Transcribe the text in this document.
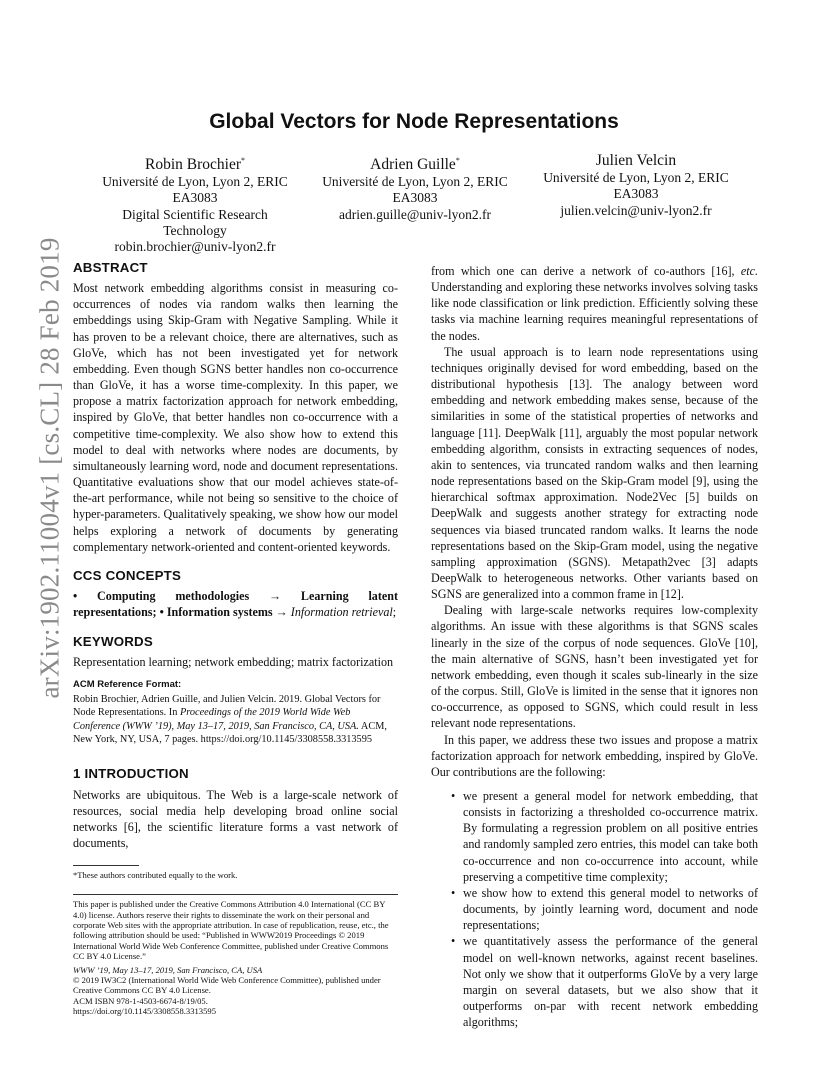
arXiv:1902.11004v1 [cs.CL] 28 Feb 2019
Global Vectors for Node Representations
Robin Brochier*
Université de Lyon, Lyon 2, ERIC
EA3083
Digital Scientific Research
Technology
robin.brochier@univ-lyon2.fr
Adrien Guille*
Université de Lyon, Lyon 2, ERIC
EA3083
adrien.guille@univ-lyon2.fr
Julien Velcin
Université de Lyon, Lyon 2, ERIC
EA3083
julien.velcin@univ-lyon2.fr
ABSTRACT

Most network embedding algorithms consist in measuring co-occurrences of nodes via random walks then learning the embeddings using Skip-Gram with Negative Sampling. While it has proven to be a relevant choice, there are alternatives, such as GloVe, which has not been investigated yet for network embedding. Even though SGNS better handles non co-occurrence than GloVe, it has a worse time-complexity. In this paper, we propose a matrix factorization approach for network embedding, inspired by GloVe, that better handles non co-occurrence with a competitive time-complexity. We also show how to extend this model to deal with networks where nodes are documents, by simultaneously learning word, node and document representations. Quantitative evaluations show that our model achieves state-of-the-art performance, while not being so sensitive to the choice of hyper-parameters. Qualitatively speaking, we show how our model helps exploring a network of documents by generating complementary network-oriented and content-oriented keywords.

CCS CONCEPTS

• Computing methodologies → Learning latent representations; • Information systems → Information retrieval;

KEYWORDS

Representation learning; network embedding; matrix factorization

ACM Reference Format:

Robin Brochier, Adrien Guille, and Julien Velcin. 2019. Global Vectors for Node Representations. In Proceedings of the 2019 World Wide Web Conference (WWW ’19), May 13–17, 2019, San Francisco, CA, USA. ACM, New York, NY, USA, 7 pages. https://doi.org/10.1145/3308558.3313595

1 INTRODUCTION

Networks are ubiquitous. The Web is a large-scale network of resources, social media help developing broad online social networks [6], the scientific literature forms a vast network of documents,

*These authors contributed equally to the work.
This paper is published under the Creative Commons Attribution 4.0 International (CC BY 4.0) license. Authors reserve their rights to disseminate the work on their personal and corporate Web sites with the appropriate attribution. In case of republication, reuse, etc., the following attribution should be used: “Published in WWW2019 Proceedings © 2019 International World Wide Web Conference Committee, published under Creative Commons CC BY 4.0 License.”
WWW ’19, May 13–17, 2019, San Francisco, CA, USA
© 2019 IW3C2 (International World Wide Web Conference Committee), published under Creative Commons CC BY 4.0 License.
ACM ISBN 978-1-4503-6674-8/19/05.
https://doi.org/10.1145/3308558.3313595

from which one can derive a network of co-authors [16], etc. Understanding and exploring these networks involves solving tasks like node classification or link prediction. Efficiently solving these tasks via machine learning requires meaningful representations of the nodes.

The usual approach is to learn node representations using techniques originally devised for word embedding, based on the distributional hypothesis [13]. The analogy between word embedding and network embedding makes sense, because of the similarities in some of the statistical properties of networks and language [11]. DeepWalk [11], arguably the most popular network embedding algorithm, consists in extracting sequences of nodes, akin to sentences, via truncated random walks and then learning node representations based on the Skip-Gram model [9], using the hierarchical softmax approximation. Node2Vec [5] builds on DeepWalk and suggests another strategy for extracting node sequences via biased truncated random walks. It learns the node representations based on the Skip-Gram model, using the negative sampling approximation (SGNS). Metapath2vec [3] adapts DeepWalk to heterogeneous networks. Other variants based on SGNS are generalized into a common frame in [12].

Dealing with large-scale networks requires low-complexity algorithms. An issue with these algorithms is that SGNS scales linearly in the size of the corpus of node sequences. GloVe [10], the main alternative of SGNS, hasn’t been investigated yet for network embedding, even though it scales sub-linearly in the size of the corpus. Still, GloVe is limited in the sense that it ignores non co-occurrence, as opposed to SGNS, which could result in less relevant node representations.

In this paper, we address these two issues and propose a matrix factorization approach for network embedding, inspired by GloVe. Our contributions are the following:

• we present a general model for network embedding, that consists in factorizing a thresholded co-occurrence matrix. By formulating a regression problem on all positive entries and randomly sampled zero entries, this model can take both co-occurrence and non co-occurrence into account, while preserving a competitive time complexity;
• we show how to extend this general model to networks of documents, by jointly learning word, document and node representations;
• we quantitatively assess the performance of the general model on well-known networks, against recent baselines. Not only we show that it outperforms GloVe by a very large margin on several datasets, but we also show that it outperforms on-par with recent network embedding algorithms;
